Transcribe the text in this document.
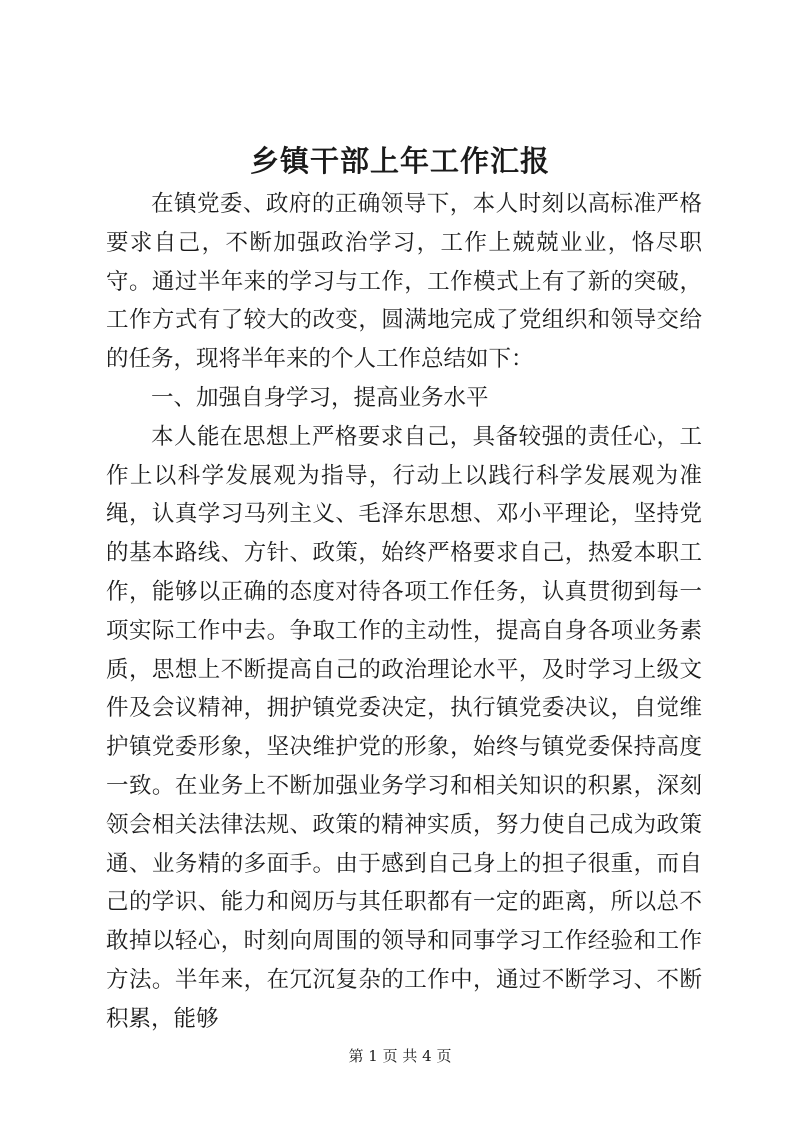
乡镇干部上年工作汇报

在镇党委、政府的正确领导下，本人时刻以高标准严格要求自己，不断加强政治学习，工作上兢兢业业，恪尽职守。通过半年来的学习与工作，工作模式上有了新的突破，工作方式有了较大的改变，圆满地完成了党组织和领导交给的任务，现将半年来的个人工作总结如下：

一、加强自身学习，提高业务水平

本人能在思想上严格要求自己，具备较强的责任心，工作上以科学发展观为指导，行动上以践行科学发展观为准绳，认真学习马列主义、毛泽东思想、邓小平理论，坚持党的基本路线、方针、政策，始终严格要求自己，热爱本职工作，能够以正确的态度对待各项工作任务，认真贯彻到每一项实际工作中去。争取工作的主动性，提高自身各项业务素质，思想上不断提高自己的政治理论水平，及时学习上级文件及会议精神，拥护镇党委决定，执行镇党委决议，自觉维护镇党委形象，坚决维护党的形象，始终与镇党委保持高度一致。在业务上不断加强业务学习和相关知识的积累，深刻领会相关法律法规、政策的精神实质，努力使自己成为政策通、业务精的多面手。由于感到自己身上的担子很重，而自己的学识、能力和阅历与其任职都有一定的距离，所以总不敢掉以轻心，时刻向周围的领导和同事学习工作经验和工作方法。半年来，在冗沉复杂的工作中，通过不断学习、不断积累，能够

第 1 页 共 4 页
